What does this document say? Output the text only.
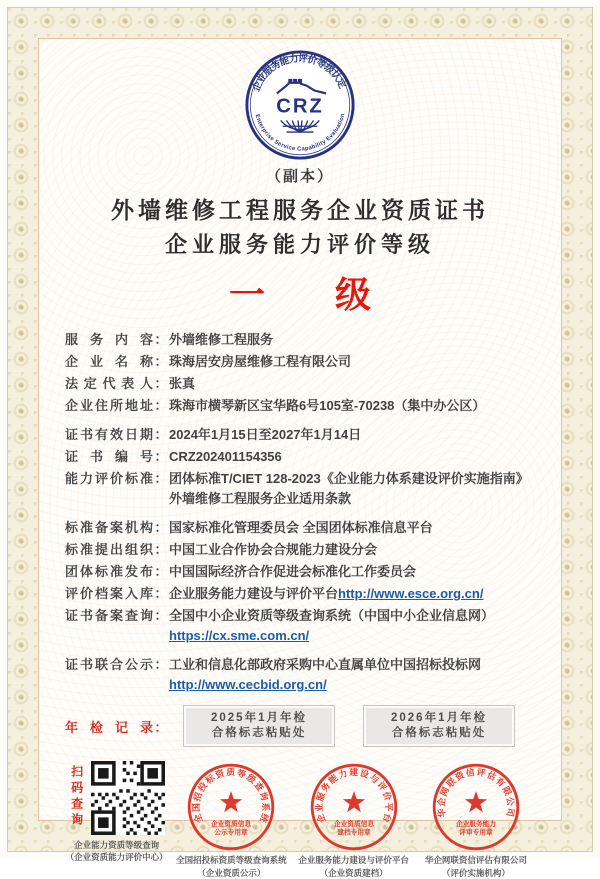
企业服务能力评价等级认定
Enterprise Service Capability Evaluation
CRZ
（副本）
外墙维修工程服务企业资质证书
企业服务能力评价等级
一 级
服务内容 ： 外墙维修工程服务
企业名称 ： 珠海居安房屋维修工程有限公司
法定代表人 ： 张真
企业住所地址 ： 珠海市横琴新区宝华路6号105室-70238（集中办公区）
证书有效日期 ： 2024年1月15日至2027年1月14日
证书编号 ： CRZ202401154356
能力评价标准 ： 团体标准T/CIET 128-2023《企业能力体系建设评价实施指南》外墙维修工程服务企业适用条款
标准备案机构 ： 国家标准化管理委员会 全国团体标准信息平台
标准提出组织 ： 中国工业合作协会合规能力建设分会
团体标准发布 ： 中国国际经济合作促进会标准化工作委员会
评价档案入库 ： 企业服务能力建设与评价平台http://www.esce.org.cn/
证书备案查询 ： 全国中小企业资质等级查询系统（中国中小企业信息网）
https://cx.sme.com.cn/
证书联合公示 ： 工业和信息化部政府采购中心直属单位中国招标投标网
http://www.cecbid.org.cn/
年检记录 ：
2025年1月年检
合格标志粘贴处
2026年1月年检
合格标志粘贴处
扫码查询
企业能力资质等级查询
（企业资质能力评价中心）
全国招投标资质等级查询系统
企业资质信息
公示专用章
全国招投标资质等级查询系统
（企业资质公示）
企业服务能力建设与评价平台
企业资质信息
建档专用章
企业服务能力建设与评价平台
（企业资质建档）
华企网联资信评估有限公司
企业服务能力
评审专用章
华企网联资信评估有限公司
（评价实施机构）
